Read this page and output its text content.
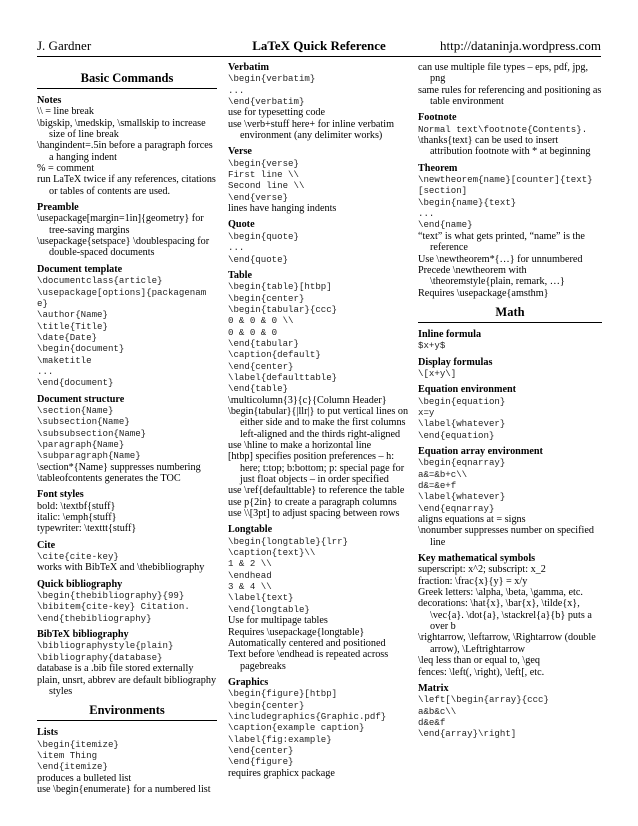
J. Gardner	LaTeX Quick Reference	http://dataninja.wordpress.com
Basic Commands
Notes
\\ = line break
\bigskip, \medskip, \smallskip to increase size of line break
\hangindent=.5in before a paragraph forces a hanging indent
% = comment
run LaTeX twice if any references, citations or tables of contents are used.
Preamble
\usepackage[margin=1in]{geometry} for tree-saving margins
\usepackage{setspace} \doublespacing for double-spaced documents
Document template
\documentclass{article}
\usepackage[options]{packagename}
\author{Name}
\title{Title}
\date{Date}
\begin{document}
\maketitle
...
\end{document}
Document structure
\section{Name}
\subsection{Name}
\subsubsection{Name}
\paragraph{Name}
\subparagraph{Name}
\section*{Name} suppresses numbering
\tableofcontents generates the TOC
Font styles
bold: \textbf{stuff}
italic: \emph{stuff}
typewriter: \texttt{stuff}
Cite
\cite{cite-key}
works with BibTeX and \thebibliography
Quick bibliography
\begin{thebibliography}{99}
\bibitem{cite-key} Citation.
\end{thebibliography}
BibTeX bibliography
\bibliographystyle{plain}
\bibliography{database}
database is a .bib file stored externally
plain, unsrt, abbrev are default bibliography styles
Environments
Lists
\begin{itemize}
\item Thing
\end{itemize}
produces a bulleted list
use \begin{enumerate} for a numbered list
Verbatim
\begin{verbatim}
...
\end{verbatim}
use for typesetting code
use \verb+stuff here+ for inline verbatim environment (any delimiter works)
Verse
\begin{verse}
First line \\
Second line \\
\end{verse}
lines have hanging indents
Quote
\begin{quote}
...
\end{quote}
Table
\begin{table}[htbp]
\begin{center}
\begin{tabular}{ccc}
0 & 0 & 0 \\
0 & 0 & 0
\end{tabular}
\caption{default}
\end{center}
\label{defaulttable}
\end{table}
\multicolumn{3}{c}{Column Header}
\begin{tabular}{|llr|} to put vertical lines on either side and to make the first columns left-aligned and the thirds right-aligned
use \hline to make a horizontal line
[htbp] specifies position preferences – h: here; t:top; b:bottom; p: special page for just float objects – in order specified
use \ref{defaulttable} to reference the table
use p{2in} to create a paragraph columns
use \\[3pt] to adjust spacing between rows
Longtable
\begin{longtable}{lrr}
\caption{text}\\
1 & 2 \\
\endhead
3 & 4 \\
\label{text}
\end{longtable}
Use for multipage tables
Requires \usepackage{longtable}
Automatically centered and positioned
Text before \endhead is repeated across pagebreaks
Graphics
\begin{figure}[htbp]
\begin{center}
\includegraphics{Graphic.pdf}
\caption{example caption}
\label{fig:example}
\end{center}
\end{figure}
requires graphicx package
can use multiple file types – eps, pdf, jpg, png
same rules for referencing and positioning as table environment
Footnote
Normal text\footnote{Contents}.
\thanks{text} can be used to insert attribution footnote with * at beginning
Theorem
\newtheorem{name}[counter]{text}[section]
\begin{name}{text}
...
\end{name}
“text” is what gets printed, “name” is the reference
Use \newtheorem*{…} for unnumbered
Precede \newtheorem with \theoremstyle{plain, remark, …}
Requires \usepackage{amsthm}
Math
Inline formula
$x+y$
Display formulas
\[x+y\]
Equation environment
\begin{equation}
x=y
\label{whatever}
\end{equation}
Equation array environment
\begin{eqnarray}
a&=&b+c\\
d&=&e+f
\label{whatever}
\end{eqnarray}
aligns equations at = signs
\nonumber suppresses number on specified line
Key mathematical symbols
superscript: x^2; subscript: x_2
fraction: \frac{x}{y} = x/y
Greek letters: \alpha, \beta, \gamma, etc.
decorations: \hat{x}, \bar{x}, \tilde{x}, \vec{a}. \dot{a}, \stackrel{a}{b} puts a over b
\rightarrow, \leftarrow, \Rightarrow (double arrow), \Leftrightarrow
\leq less than or equal to, \geq
fences: \left(, \right), \left[, etc.
Matrix
\left[\begin{array}{ccc}
a&b&c\\
d&e&f
\end{array}\right]
